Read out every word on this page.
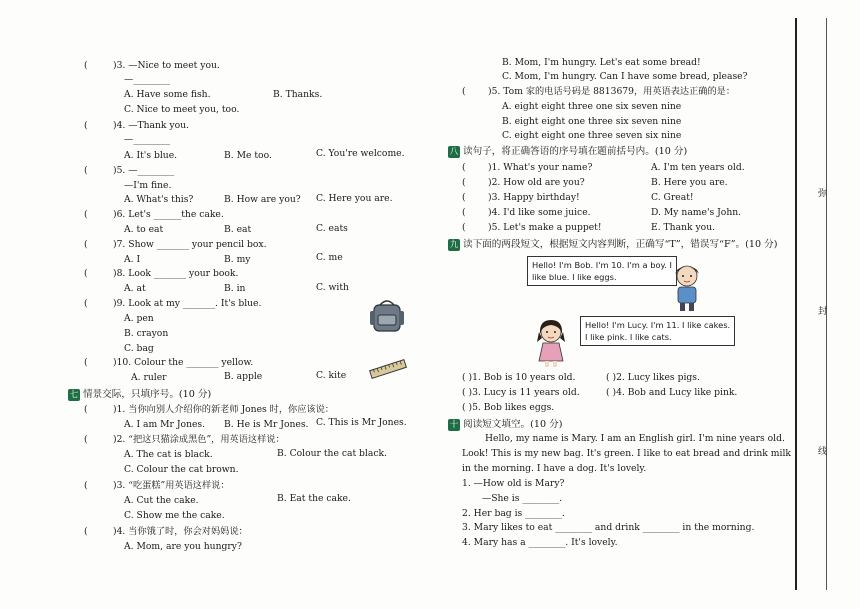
(	)3. —Nice to meet you.
—________
A. Have some fish.	B. Thanks.
C. Nice to meet you, too.
(	)4. —Thank you.
—________
A. It's blue.	B. Me too.	C. You're welcome.
(	)5. —________
—I'm fine.
A. What's this?	B. How are you? C. Here you are.
(	)6. Let's ______the cake.
A. to eat	B. eat	C. eats
(	)7. Show _______ your pencil box.
A. I	B. my	C. me
(	)8. Look _______ your book.
A. at	B. in	C. with
(	)9. Look at my _______. It's blue.
A. pen
B. crayon
C. bag
(	)10. Colour the _______ yellow.
A. ruler	B. apple	C. kite
七 情景交际，只填序号。(10 分)
(	)1. 当你向别人介绍你的新老师 Jones 时，你应该说：
A. I am Mr Jones. B. He is Mr Jones. C. This is Mr Jones.
(	)2. “把这只猫涂成黑色”，用英语这样说：
A. The cat is black.	B. Colour the cat black.
C. Colour the cat brown.
(	)3. “吃蛋糕”用英语这样说：
A. Cut the cake.	B. Eat the cake.
C. Show me the cake.
(	)4. 当你饿了时，你会对妈妈说：
A. Mom, are you hungry?
B. Mom, I'm hungry. Let's eat some bread!
C. Mom, I'm hungry. Can I have some bread, please?
( )5. Tom 家的电话号码是 8813679，用英语表达正确的是：
A. eight eight three one six seven nine
B. eight eight one three six seven nine
C. eight eight one three seven six nine
八 读句子，将正确答语的序号填在题前括号内。(10 分)
( )1. What's your name?	A. I'm ten years old.
( )2. How old are you?	B. Here you are.
( )3. Happy birthday!	C. Great!
( )4. I'd like some juice.	D. My name's John.
( )5. Let's make a puppet!	E. Thank you.
九 读下面的两段短文，根据短文内容判断，正确写“T”，错误写“F”。(10 分)
Hello! I'm Bob. I'm 10. I'm a boy. I
like blue. I like eggs.
Hello! I'm Lucy. I'm 11. I like cakes.
I like pink. I like cats.
( )1. Bob is 10 years old.	( )2. Lucy likes pigs.
( )3. Lucy is 11 years old.	( )4. Bob and Lucy like pink.
( )5. Bob likes eggs.
十 阅读短文填空。(10 分)
Hello, my name is Mary. I am an English girl. I'm nine years old.
Look! This is my new bag. It's green. I like to eat bread and drink milk
in the morning. I have a dog. It's lovely.
1. —How old is Mary?
—She is ________.
2. Her bag is ________.
3. Mary likes to eat ________ and drink ________ in the morning.
4. Mary has a ________. It's lovely.
弥
封
线
